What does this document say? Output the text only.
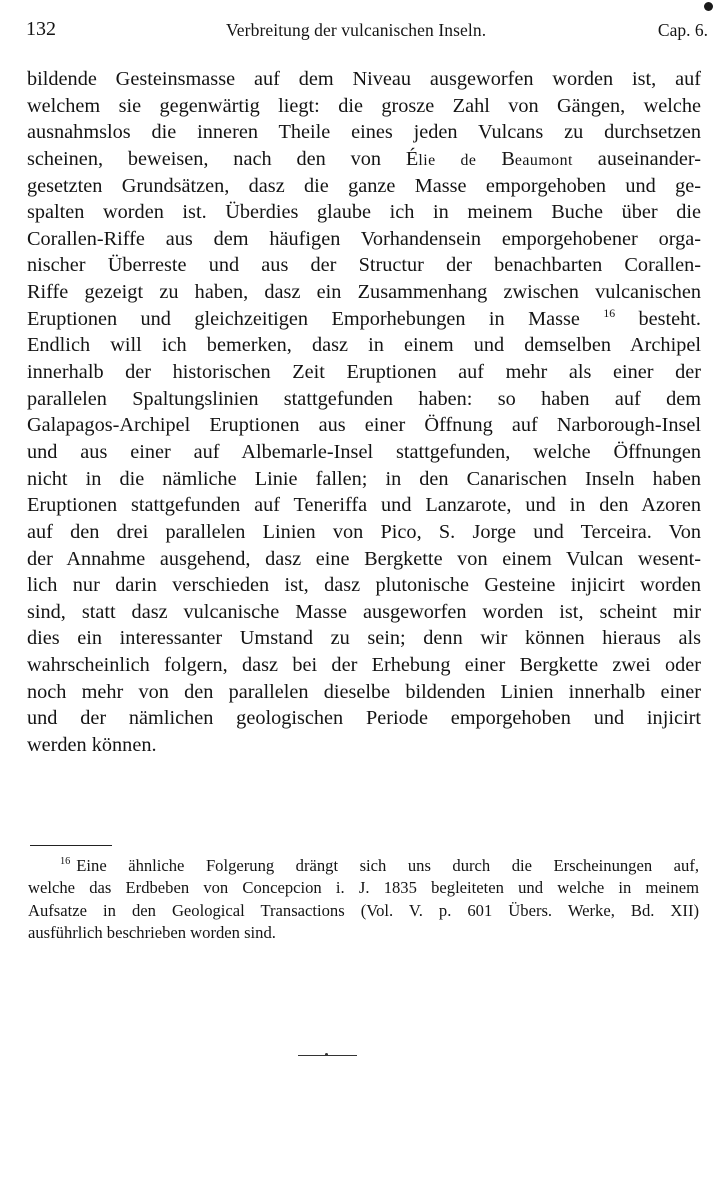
132	Verbreitung der vulcanischen Inseln.	Cap. 6.
bildende Gesteinsmasse auf dem Niveau ausgeworfen worden ist, auf
welchem sie gegenwärtig liegt: die grosze Zahl von Gängen, welche
ausnahmslos die inneren Theile eines jeden Vulcans zu durchsetzen
scheinen, beweisen, nach den von Élie de Beaumont auseinander-
gesetzten Grundsätzen, dasz die ganze Masse emporgehoben und ge-
spalten worden ist. Überdies glaube ich in meinem Buche über die
Corallen-Riffe aus dem häufigen Vorhandensein emporgehobener orga-
nischer Überreste und aus der Structur der benachbarten Corallen-
Riffe gezeigt zu haben, dasz ein Zusammenhang zwischen vulcanischen
Eruptionen und gleichzeitigen Emporhebungen in Masse $^{16}$ besteht.
Endlich will ich bemerken, dasz in einem und demselben Archipel
innerhalb der historischen Zeit Eruptionen auf mehr als einer der
parallelen Spaltungslinien stattgefunden haben: so haben auf dem
Galapagos-Archipel Eruptionen aus einer Öffnung auf Narborough-Insel
und aus einer auf Albemarle-Insel stattgefunden, welche Öffnungen
nicht in die nämliche Linie fallen; in den Canarischen Inseln haben
Eruptionen stattgefunden auf Teneriffa und Lanzarote, und in den Azoren
auf den drei parallelen Linien von Pico, S. Jorge und Terceira. Von
der Annahme ausgehend, dasz eine Bergkette von einem Vulcan wesent-
lich nur darin verschieden ist, dasz plutonische Gesteine injicirt worden
sind, statt dasz vulcanische Masse ausgeworfen worden ist, scheint mir
dies ein interessanter Umstand zu sein; denn wir können hieraus als
wahrscheinlich folgern, dasz bei der Erhebung einer Bergkette zwei oder
noch mehr von den parallelen dieselbe bildenden Linien innerhalb einer
und der nämlichen geologischen Periode emporgehoben und injicirt
werden können.
$^{16}$ Eine ähnliche Folgerung drängt sich uns durch die Erscheinungen auf,
welche das Erdbeben von Concepcion i. J. 1835 begleiteten und welche in meinem
Aufsatze in den Geological Transactions (Vol. V. p. 601 Übers. Werke, Bd. XII)
ausführlich beschrieben worden sind.
